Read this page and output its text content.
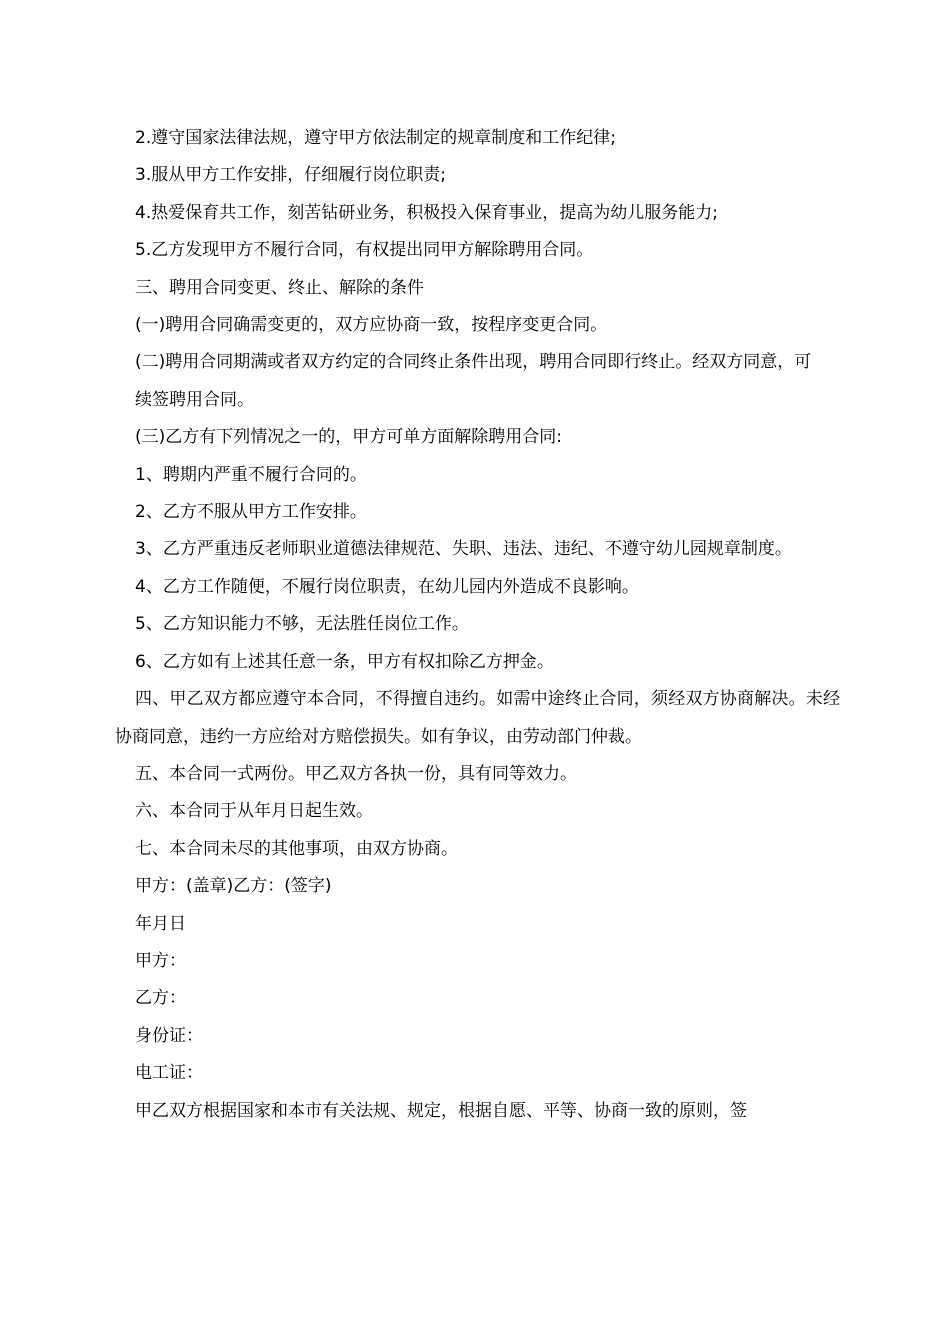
2.遵守国家法律法规，遵守甲方依法制定的规章制度和工作纪律;

3.服从甲方工作安排，仔细履行岗位职责;

4.热爱保育共工作，刻苦钻研业务，积极投入保育事业，提高为幼儿服务能力;

5.乙方发现甲方不履行合同，有权提出同甲方解除聘用合同。

三、聘用合同变更、终止、解除的条件

(一)聘用合同确需变更的，双方应协商一致，按程序变更合同。

(二)聘用合同期满或者双方约定的合同终止条件出现，聘用合同即行终止。经双方同意，可

续签聘用合同。

(三)乙方有下列情况之一的，甲方可单方面解除聘用合同:

1、聘期内严重不履行合同的。

2、乙方不服从甲方工作安排。

3、乙方严重违反老师职业道德法律规范、失职、违法、违纪、不遵守幼儿园规章制度。

4、乙方工作随便，不履行岗位职责，在幼儿园内外造成不良影响。

5、乙方知识能力不够，无法胜任岗位工作。

6、乙方如有上述其任意一条，甲方有权扣除乙方押金。

四、甲乙双方都应遵守本合同，不得擅自违约。如需中途终止合同，须经双方协商解决。未经协商同意，违约一方应给对方赔偿损失。如有争议，由劳动部门仲裁。

五、本合同一式两份。甲乙双方各执一份，具有同等效力。

六、本合同于从年月日起生效。

七、本合同未尽的其他事项，由双方协商。

甲方：(盖章)乙方：(签字)

年月日

甲方：

乙方：

身份证：

电工证：

甲乙双方根据国家和本市有关法规、规定，根据自愿、平等、协商一致的原则，签
